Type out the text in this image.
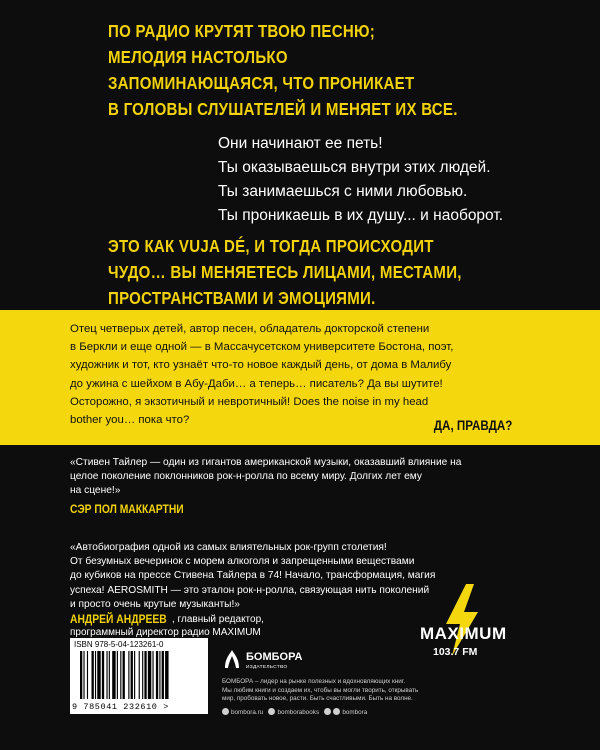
ПО РАДИО КРУТЯТ ТВОЮ ПЕСНЮ;
МЕЛОДИЯ НАСТОЛЬКО
ЗАПОМИНАЮЩАЯСЯ, ЧТО ПРОНИКАЕТ
В ГОЛОВЫ СЛУШАТЕЛЕЙ И МЕНЯЕТ ИХ ВСЕ.
Они начинают ее петь!
Ты оказываешься внутри этих людей.
Ты занимаешься с ними любовью.
Ты проникаешь в их душу... и наоборот.
ЭТО КАК VUJA DÉ, И ТОГДА ПРОИСХОДИТ
ЧУДО… ВЫ МЕНЯЕТЕСЬ ЛИЦАМИ, МЕСТАМИ,
ПРОСТРАНСТВАМИ И ЭМОЦИЯМИ.
Отец четверых детей, автор песен, обладатель докторской степени
в Беркли и еще одной — в Массачусетском университете Бостона, поэт,
художник и тот, кто узнаёт что-то новое каждый день, от дома в Малибу
до ужина с шейхом в Абу-Даби… а теперь… писатель? Да вы шутите!
Осторожно, я экзотичный и невротичный! Does the noise in my head
bother you… пока что?	ДА, ПРАВДА?
«Стивен Тайлер — один из гигантов американской музыки, оказавший влияние на
целое поколение поклонников рок-н-ролла по всему миру. Долгих лет ему
на сцене!»
СЭР ПОЛ МАККАРТНИ
«Автобиография одной из самых влиятельных рок-групп столетия!
От безумных вечеринок с морем алкоголя и запрещенными веществами
до кубиков на прессе Стивена Тайлера в 74! Начало, трансформация, магия
успеха! AEROSMITH — это эталон рок-н-ролла, связующая нить поколений
и просто очень крутые музыканты!»
АНДРЕЙ АНДРЕЕВ , главный редактор,
программный директор радио MAXIMUM	MAXIMUM
103.7 FM
ISBN 978-5-04-123261-0
9 785041 232610 >
БОМБОРА
ИЗДАТЕЛЬСТВО
БОМБОРА – лидер на рынке полезных и вдохновляющих книг.
Мы любим книги и создаем их, чтобы вы могли творить, открывать
мир, пробовать новое, расти. Быть счастливыми. Быть на волне.
bombora.ru bomborabooks	bombora
